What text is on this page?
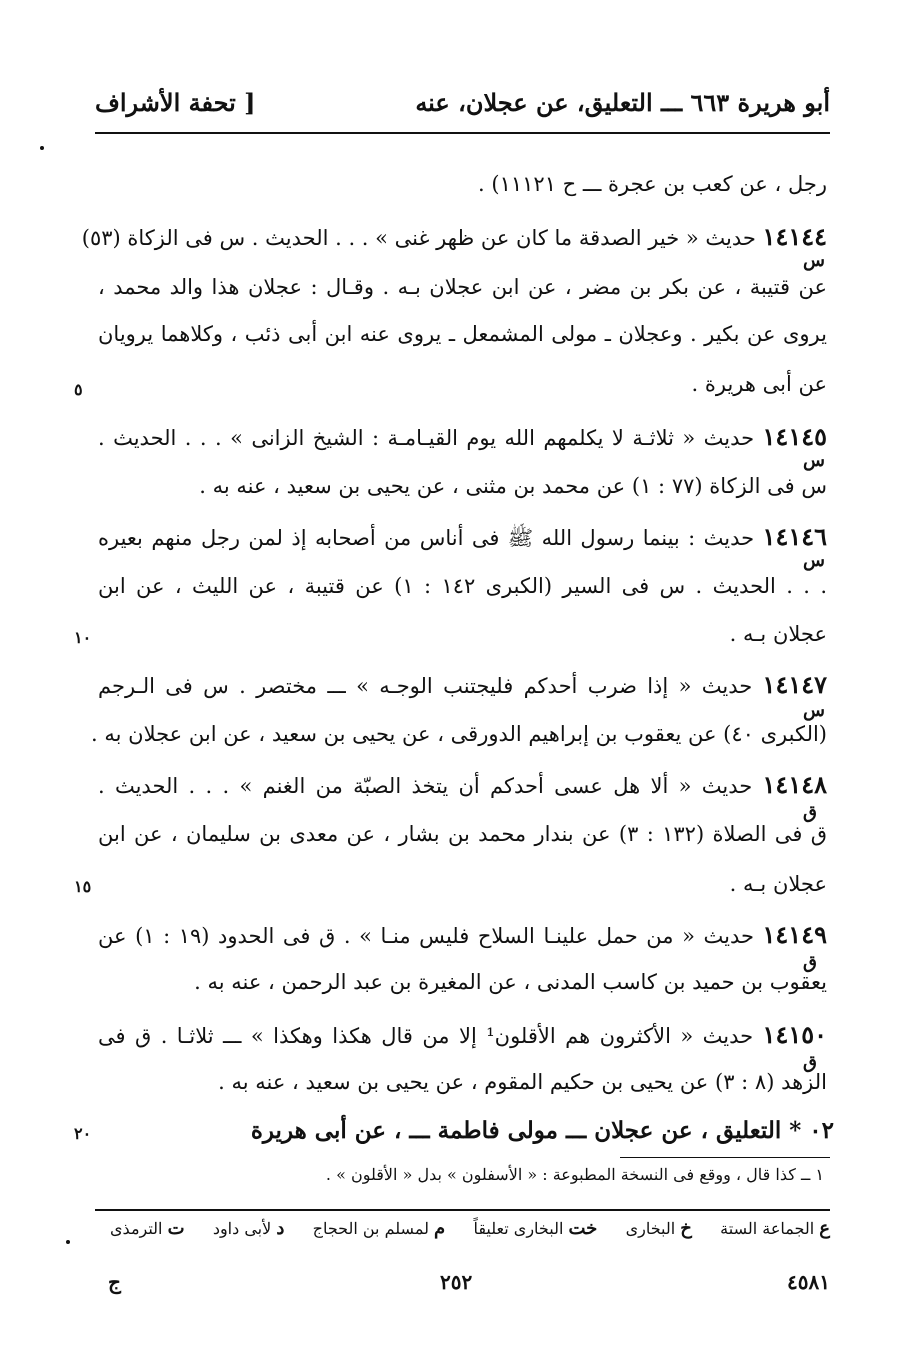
أبو هريرة ٦٦٣ ـــ التعليق، عن عجلان، عنه
[ تحفة الأشراف
رجل ، عن كعب بن عجرة ـــ ح ١١١٢١) .
١٤١٤٤ حديث « خير الصدقة ما كان عن ظهر غنى » . . . الحديث . س فى الزكاة (٥٣)
س
عن قتيبة ، عن بكر بن مضر ، عن ابن عجلان بـه . وقـال : عجلان هذا والد محمد ،
يروى عن بكير . وعجلان ـ مولى المشمعل ـ يروى عنه ابن أبى ذئب ، وكلاهما يرويان
عن أبى هريرة .
٥
١٤١٤٥ حديث « ثلاثـة لا يكلمهم الله يوم القيـامـة : الشيخ الزانى » . . . الحديث .
س
س فى الزكاة (٧٧ : ١) عن محمد بن مثنى ، عن يحيى بن سعيد ، عنه به .
١٤١٤٦ حديث : بينما رسول الله ﷺ فى أناس من أصحابه إذ لمن رجل منهم بعيره
س
. . . الحديث . س فى السير (الكبرى ١٤٢ : ١) عن قتيبة ، عن الليث ، عن ابن
عجلان بـه .
١٠
١٤١٤٧ حديث « إذا ضرب أحدكم فليجتنب الوجـه » ـــ مختصر . س فى الـرجم
س
(الكبرى ٤٠) عن يعقوب بن إبراهيم الدورقى ، عن يحيى بن سعيد ، عن ابن عجلان به .
١٤١٤٨ حديث « ألا هل عسى أحدكم أن يتخذ الصبّة من الغنم » . . . الحديث .
ق
ق فى الصلاة (١٣٢ : ٣) عن بندار محمد بن بشار ، عن معدى بن سليمان ، عن ابن
عجلان بـه .
١٥
١٤١٤٩ حديث « من حمل علينـا السلاح فليس منـا » . ق فى الحدود (١٩ : ١) عن
ق
يعقوب بن حميد بن كاسب المدنى ، عن المغيرة بن عبد الرحمن ، عنه به .
١٤١٥٠ حديث « الأكثرون هم الأقلون¹ إلا من قال هكذا وهكذا » ـــ ثلاثـا . ق فى
ق
الزهد (٨ : ٣) عن يحيى بن حكيم المقوم ، عن يحيى بن سعيد ، عنه به .
٠٢ * التعليق ، عن عجلان ـــ مولى فاطمة ـــ ، عن أبى هريرة
٢٠
١ ــ كذا قال ، ووقع فى النسخة المطبوعة : « الأسفلون » بدل « الأقلون » .
ع الجماعة الستة
خ البخارى
خت البخارى تعليقاً
م لمسلم بن الحجاج
د لأبى داود
ت الترمذى
٤٥٨١
٢٥٢
ج
